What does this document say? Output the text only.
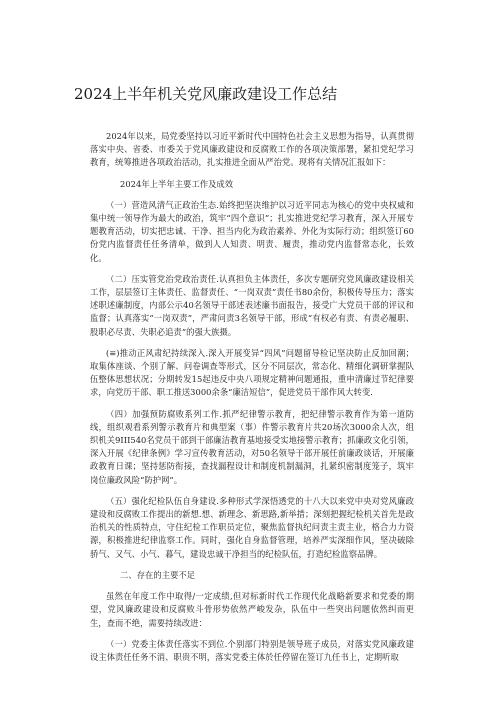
2024上半年机关党风廉政建设工作总结

2024年以来，局党委坚持以习近平新时代中国特色社会主义思想为指导，认真贯彻落实中央、省委、市委关于党风廉政建设和反腐败工作的各项决策部署，紧扣党纪学习教育，统筹推进各项政治活动，扎实推进全面从严治党。现将有关情况汇报如下：

2024年上半年主要工作及成效

（一）营造风清气正政治生态.始终把坚决维护以习近平同志为核心的党中央权威和集中统一领导作为最大的政治，筑牢“四个意识”；扎实推进党纪学习教育，深入开展专题教育活动，切实把忠诚、干净、担当内化为政治素养、外化为实际行动；组织签订60份党内监督责任任务清单，做到人人知责、明责、履责，推动党内监督常态化，长效化。

（二）压实管党治党政治责任.认真担负主体责任，多次专题研究党风廉政建设相关工作，层层签订主体责任、监督责任、“一岗双责”责任书80余份，积极传导压力；落实述职述廉制度，内部公示40名领导干部述表述廉书面报告，接受广大党员干部的评议和监督；认真落实“一岗双责”，严肃问责3名领导干部，形成“有权必有责、有责必履职、股职必尽责、失职必追责”的强大族摄。

(≡)推动正风肃纪持续深入.深入开展变异“四风”问题留导检记坚决防止反加回潮；取集体座谈、个别了解、问卷调查等形式，区分不同层次，常态化、精细化调研掌握队伍整体思想状况；分期转发15起违反中央八项规定精神问题通报，重申清廉过节纪律要求，向党历干部、职工推送3000余条“廉洁短信”，促进党员干部作风大转变.

（四）加强预防腐败系列工作.抓严纪律警示教育，把纪律警示教育作为第一道防线，组织观看系列警示教育片和典型案（事）件警示教育片共20场次3000余人次，组织机关9III540名党员干部到干部廉洁教育基地接受实地接警示教育；抓廉政文化引领，深入开展《纪律条例》学习宣传教育活动，对50名领导干部开展任前廉政谈话，开展廉政教育日课；坚持惩防衔接，查找漏程设计和制度机制漏洞，扎紧织密制度笼子，筑牢岗位廉政风险“防护网”。

（五）强化纪检队伍自身建设.多种形式学深悟透党的十八大以来党中央对党风廉政建设和反腐败工作提出的新想.想、新理念、新思路,新举措；深刻把握纪检机关首先是政治机关的性质特点，守住纪检工作职员定位，聚焦监督执纪问责主责主业，格合力力资源，积极推进纪律监察工作。同时，强化自身监督管理，培养严实深细作风，坚决破除骄气、又气、小气、暮气，建设忠诚干净担当的纪检队伍，打造纪检监察品牌。

二、存在的主要不足

虽然在年度工作中取得/一定成绩,但对标新时代工作现代化战略新要求和党委的期望，党风廉政建设和反腐败斗骨形势依然严峻发杂，队伍中一些突出问题依然纠而更生，查而不绝，需要持续改进：

（一）党委主体责任落实不到位.个别部门特别是领导班子成员，对落实党风廉政建设主体责任任务不消、职贵不明，落实党委主体於任停留在签订九任书上，定期听取
